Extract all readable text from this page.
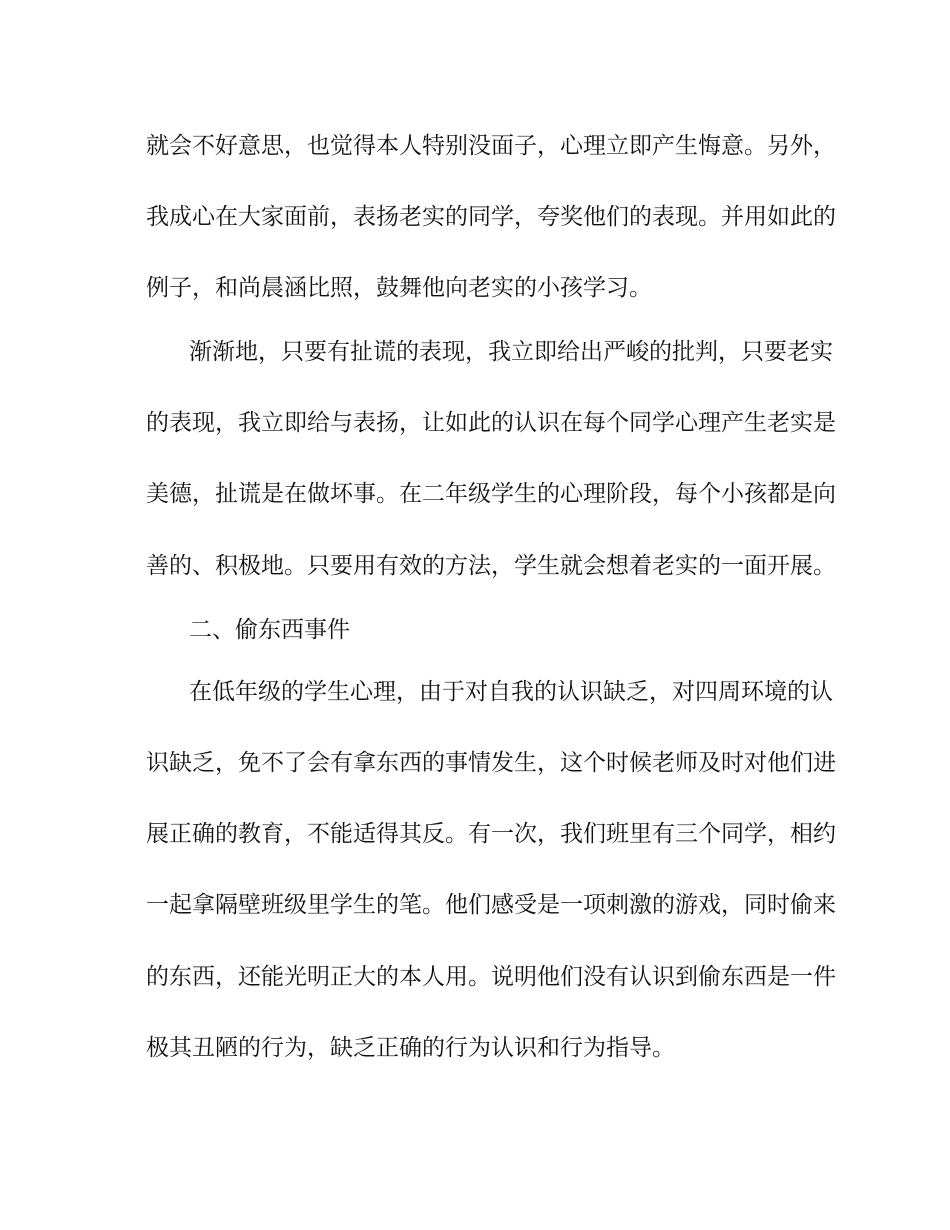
就会不好意思，也觉得本人特别没面子，心理立即产生悔意。另外，
我成心在大家面前，表扬老实的同学，夸奖他们的表现。并用如此的
例子，和尚晨涵比照，鼓舞他向老实的小孩学习。
渐渐地，只要有扯谎的表现，我立即给出严峻的批判，只要老实
的表现，我立即给与表扬，让如此的认识在每个同学心理产生老实是
美德，扯谎是在做坏事。在二年级学生的心理阶段，每个小孩都是向
善的、积极地。只要用有效的方法，学生就会想着老实的一面开展。
二、偷东西事件
在低年级的学生心理，由于对自我的认识缺乏，对四周环境的认
识缺乏，免不了会有拿东西的事情发生，这个时候老师及时对他们进
展正确的教育，不能适得其反。有一次，我们班里有三个同学，相约
一起拿隔壁班级里学生的笔。他们感受是一项刺激的游戏，同时偷来
的东西，还能光明正大的本人用。说明他们没有认识到偷东西是一件
极其丑陋的行为，缺乏正确的行为认识和行为指导。
